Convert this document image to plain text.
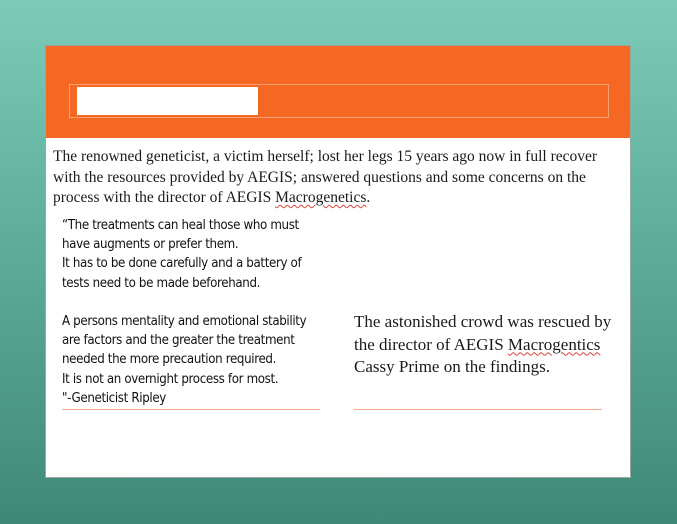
The renowned geneticist, a victim herself; lost her legs 15 years ago now in full recover with the resources provided by AEGIS; answered questions and some concerns on the process with the director of AEGIS Macrogenetics.

“The treatments can heal those who must
have augments or prefer them.
It has to be done carefully and a battery of
tests need to be made beforehand.
A persons mentality and emotional stability
are factors and the greater the treatment
needed the more precaution required.
It is not an overnight process for most.
"-Geneticist Ripley

The astonished crowd was rescued by the director of AEGIS Macrogentics Cassy Prime on the findings.
